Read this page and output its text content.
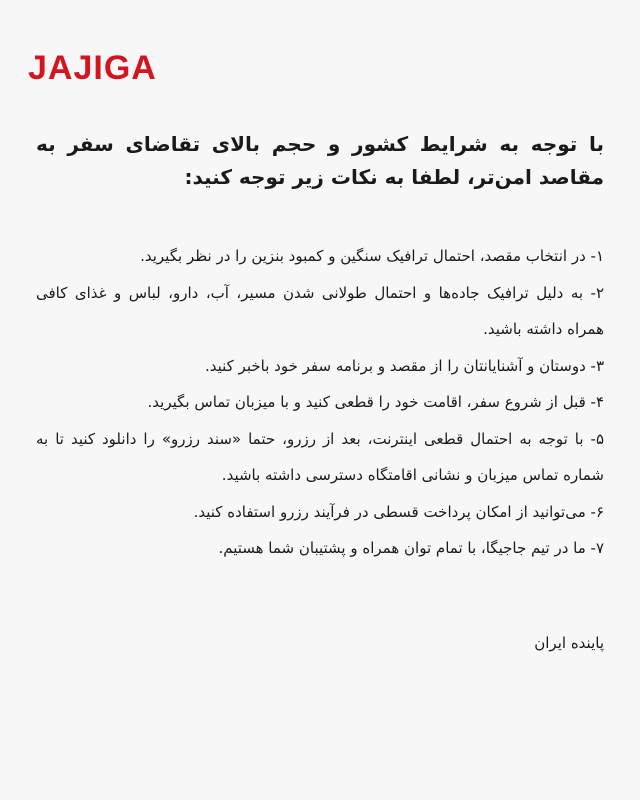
JAJIGA
با توجه به شرایط کشور و حجم بالای تقاضای سفر به مقاصد امن‌تر، لطفا به نکات زیر توجه کنید:
۱- در انتخاب مقصد، احتمال ترافیک سنگین و کمبود بنزین را در نظر بگیرید.
۲- به دلیل ترافیک جاده‌ها و احتمال طولانی شدن مسیر، آب، دارو، لباس و غذای کافی همراه داشته باشید.
۳- دوستان و آشنایانتان را از مقصد و برنامه سفر خود باخبر کنید.
۴- قبل از شروع سفر، اقامت خود را قطعی کنید و با میزبان تماس بگیرید.
۵- با توجه به احتمال قطعی اینترنت، بعد از رزرو، حتما «سند رزرو» را دانلود کنید تا به شماره تماس میزبان و نشانی اقامتگاه دسترسی داشته باشید.
۶- می‌توانید از امکان پرداخت قسطی در فرآیند رزرو استفاده کنید.
۷- ما در تیم جاجیگا، با تمام توان همراه و پشتیبان شما هستیم.
پاینده ایران
